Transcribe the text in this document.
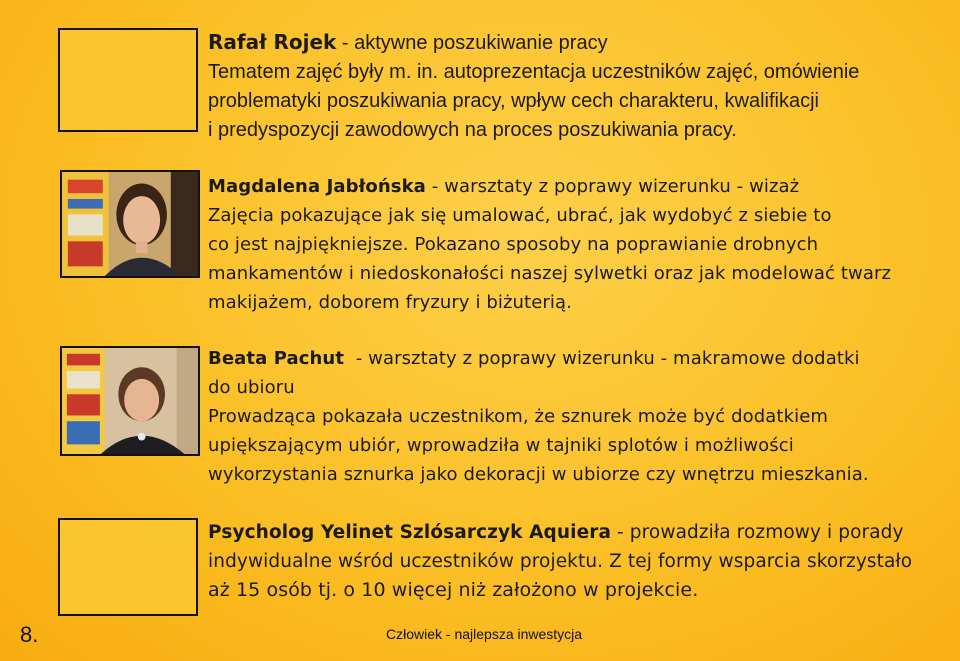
Rafał Rojek - aktywne poszukiwanie pracy
Tematem zajęć były m. in. autoprezentacja uczestników zajęć, omówienie
problematyki poszukiwania pracy, wpływ cech charakteru, kwalifikacji
i predyspozycji zawodowych na proces poszukiwania pracy.
Magdalena Jabłońska - warsztaty z poprawy wizerunku - wizaż
Zajęcia pokazujące jak się umalować, ubrać, jak wydobyć z siebie to
co jest najpiękniejsze. Pokazano sposoby na poprawianie drobnych
mankamentów i niedoskonałości naszej sylwetki oraz jak modelować twarz
makijażem, doborem fryzury i biżuterią.
Beata Pachut - warsztaty z poprawy wizerunku - makramowe dodatki
do ubioru
Prowadząca pokazała uczestnikom, że sznurek może być dodatkiem
upiększającym ubiór, wprowadziła w tajniki splotów i możliwości
wykorzystania sznurka jako dekoracji w ubiorze czy wnętrzu mieszkania.
Psycholog Yelinet Szlósarczyk Aquiera - prowadziła rozmowy i porady
indywidualne wśród uczestników projektu. Z tej formy wsparcia skorzystało
aż 15 osób tj. o 10 więcej niż założono w projekcie.
8.	Człowiek - najlepsza inwestycja
